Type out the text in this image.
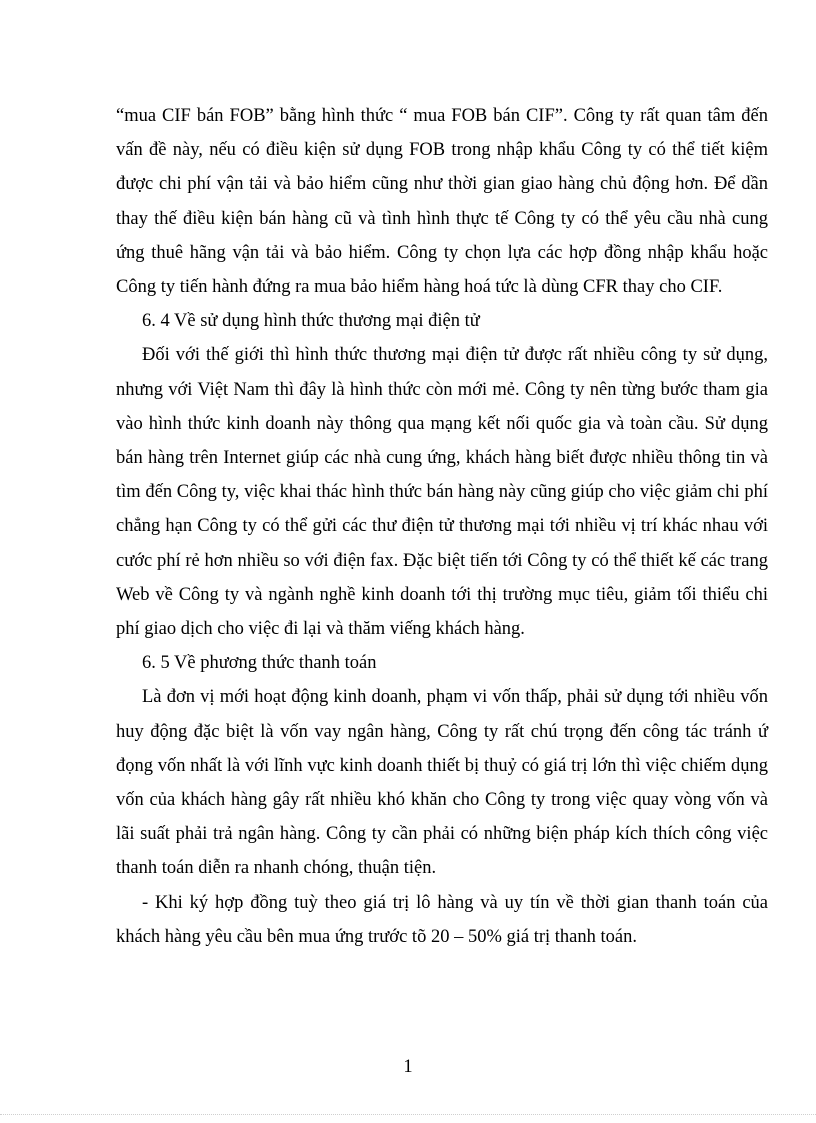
“mua CIF bán FOB” bằng hình thức “ mua FOB bán CIF”. Công ty rất quan tâm đến vấn đề này, nếu có điều kiện sử dụng FOB trong nhập khẩu Công ty có thể tiết kiệm được chi phí vận tải và bảo hiểm cũng như thời gian giao hàng chủ động hơn. Để dần thay thế điều kiện bán hàng cũ và tình hình thực tế Công ty có thể yêu cầu nhà cung ứng thuê hãng vận tải và bảo hiểm. Công ty chọn lựa các hợp đồng nhập khẩu hoặc Công ty tiến hành đứng ra mua bảo hiểm hàng hoá tức là dùng CFR thay cho CIF.

6. 4 Về sử dụng hình thức thương mại điện tử

Đối với thế giới thì hình thức thương mại điện tử được rất nhiều công ty sử dụng, nhưng với Việt Nam thì đây là hình thức còn mới mẻ. Công ty nên từng bước tham gia vào hình thức kinh doanh này thông qua mạng kết nối quốc gia và toàn cầu. Sử dụng bán hàng trên Internet giúp các nhà cung ứng, khách hàng biết được nhiều thông tin và tìm đến Công ty, việc khai thác hình thức bán hàng này cũng giúp cho việc giảm chi phí chẳng hạn Công ty có thể gửi các thư điện tử thương mại tới nhiều vị trí khác nhau với cước phí rẻ hơn nhiều so với điện fax. Đặc biệt tiến tới Công ty có thể thiết kế các trang Web về Công ty và ngành nghề kinh doanh tới thị trường mục tiêu, giảm tối thiểu chi phí giao dịch cho việc đi lại và thăm viếng khách hàng.

6. 5 Về phương thức thanh toán

Là đơn vị mới hoạt động kinh doanh, phạm vi vốn thấp, phải sử dụng tới nhiều vốn huy động đặc biệt là vốn vay ngân hàng, Công ty rất chú trọng đến công tác tránh ứ đọng vốn nhất là với lĩnh vực kinh doanh thiết bị thuỷ có giá trị lớn thì việc chiếm dụng vốn của khách hàng gây rất nhiều khó khăn cho Công ty trong việc quay vòng vốn và lãi suất phải trả ngân hàng. Công ty cần phải có những biện pháp kích thích công việc thanh toán diễn ra nhanh chóng, thuận tiện.

- Khi ký hợp đồng tuỳ theo giá trị lô hàng và uy tín về thời gian thanh toán của khách hàng yêu cầu bên mua ứng trước tõ 20 – 50% giá trị thanh toán.

1
